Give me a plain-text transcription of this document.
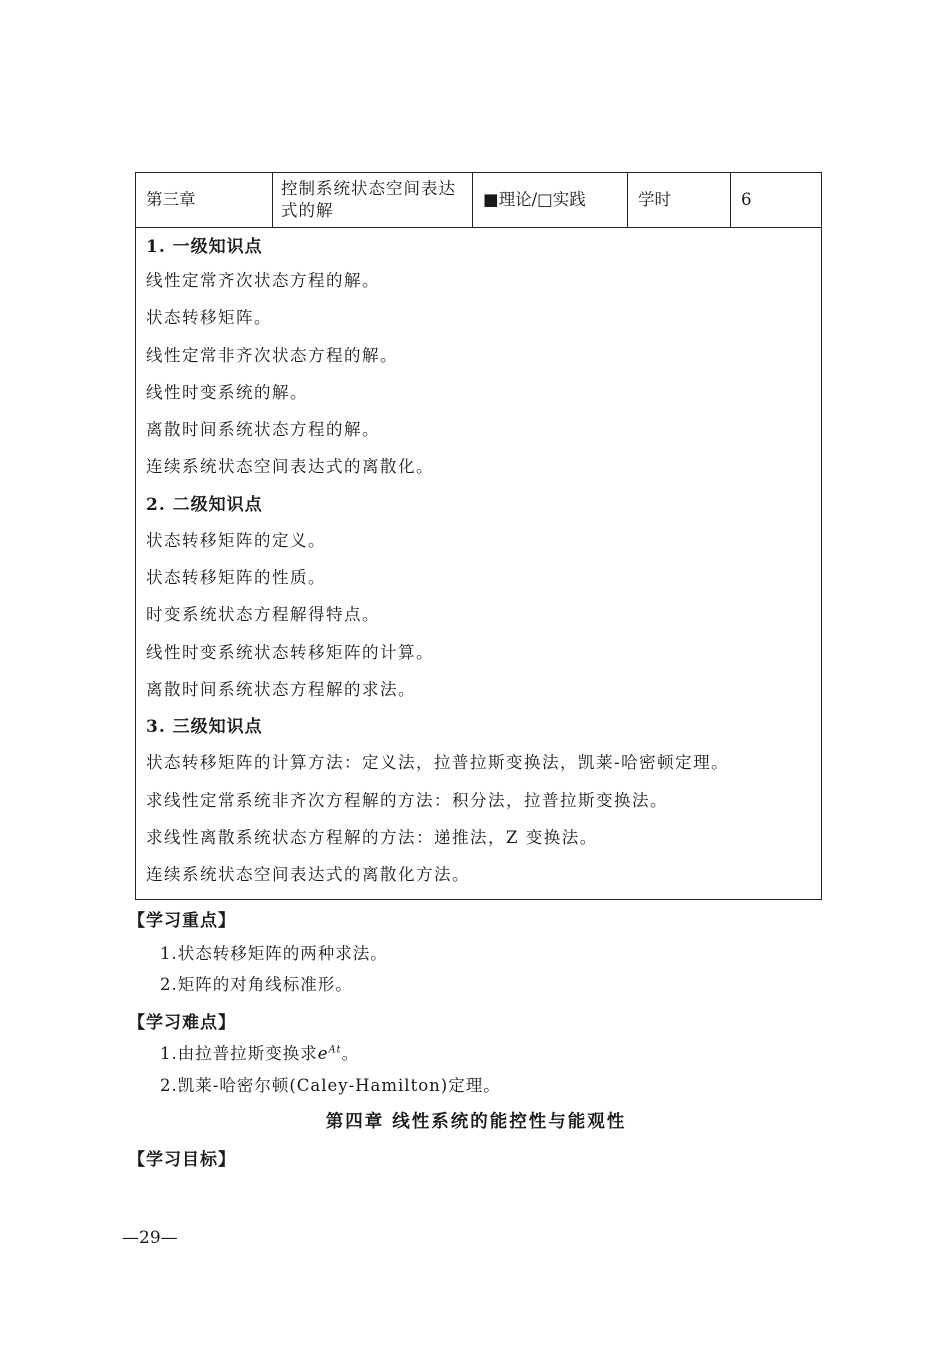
第三章	控制系统状态空间表达式的解	■理论/□实践	学时	6

1. 一级知识点
线性定常齐次状态方程的解。
状态转移矩阵。
线性定常非齐次状态方程的解。
线性时变系统的解。
离散时间系统状态方程的解。
连续系统状态空间表达式的离散化。
2. 二级知识点
状态转移矩阵的定义。
状态转移矩阵的性质。
时变系统状态方程解得特点。
线性时变系统状态转移矩阵的计算。
离散时间系统状态方程解的求法。
3. 三级知识点
状态转移矩阵的计算方法：定义法，拉普拉斯变换法，凯莱-哈密顿定理。
求线性定常系统非齐次方程解的方法：积分法，拉普拉斯变换法。
求线性离散系统状态方程解的方法：递推法，Z 变换法。
连续系统状态空间表达式的离散化方法。
【学习重点】
1.状态转移矩阵的两种求法。
2.矩阵的对角线标准形。
【学习难点】
1.由拉普拉斯变换求$e^{At}$。
2.凯莱-哈密尔顿(Caley-Hamilton)定理。
第四章 线性系统的能控性与能观性
【学习目标】
—29—
